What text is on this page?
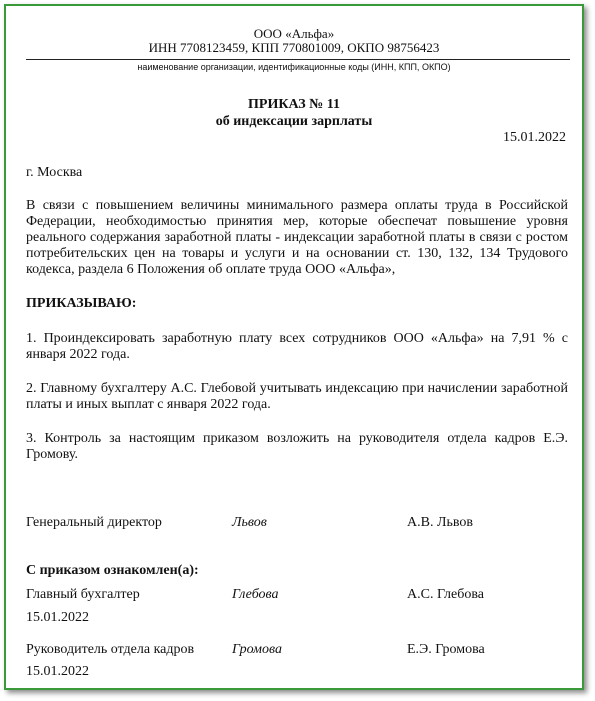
ООО «Альфа»
ИНН 7708123459, КПП 770801009, ОКПО 98756423
наименование организации, идентификационные коды (ИНН, КПП, ОКПО)
ПРИКАЗ № 11
об индексации зарплаты
15.01.2022
г. Москва
В связи с повышением величины минимального размера оплаты труда в Российской Федерации, необходимостью принятия мер, которые обеспечат повышение уровня реального содержания заработной платы - индексации заработной платы в связи с ростом потребительских цен на товары и услуги и на основании ст. 130, 132, 134 Трудового кодекса, раздела 6 Положения об оплате труда ООО «Альфа»,
ПРИКАЗЫВАЮ:
1. Проиндексировать заработную плату всех сотрудников ООО «Альфа» на 7,91 % с января 2022 года.
2. Главному бухгалтеру А.С. Глебовой учитывать индексацию при начислении заработной платы и иных выплат с января 2022 года.
3. Контроль за настоящим приказом возложить на руководителя отдела кадров Е.Э. Громову.
Генеральный директор	Львов	А.В. Львов
С приказом ознакомлен(а):
Главный бухгалтер	Глебова	А.С. Глебова
15.01.2022
Руководитель отдела кадров	Громова	Е.Э. Громова
15.01.2022
